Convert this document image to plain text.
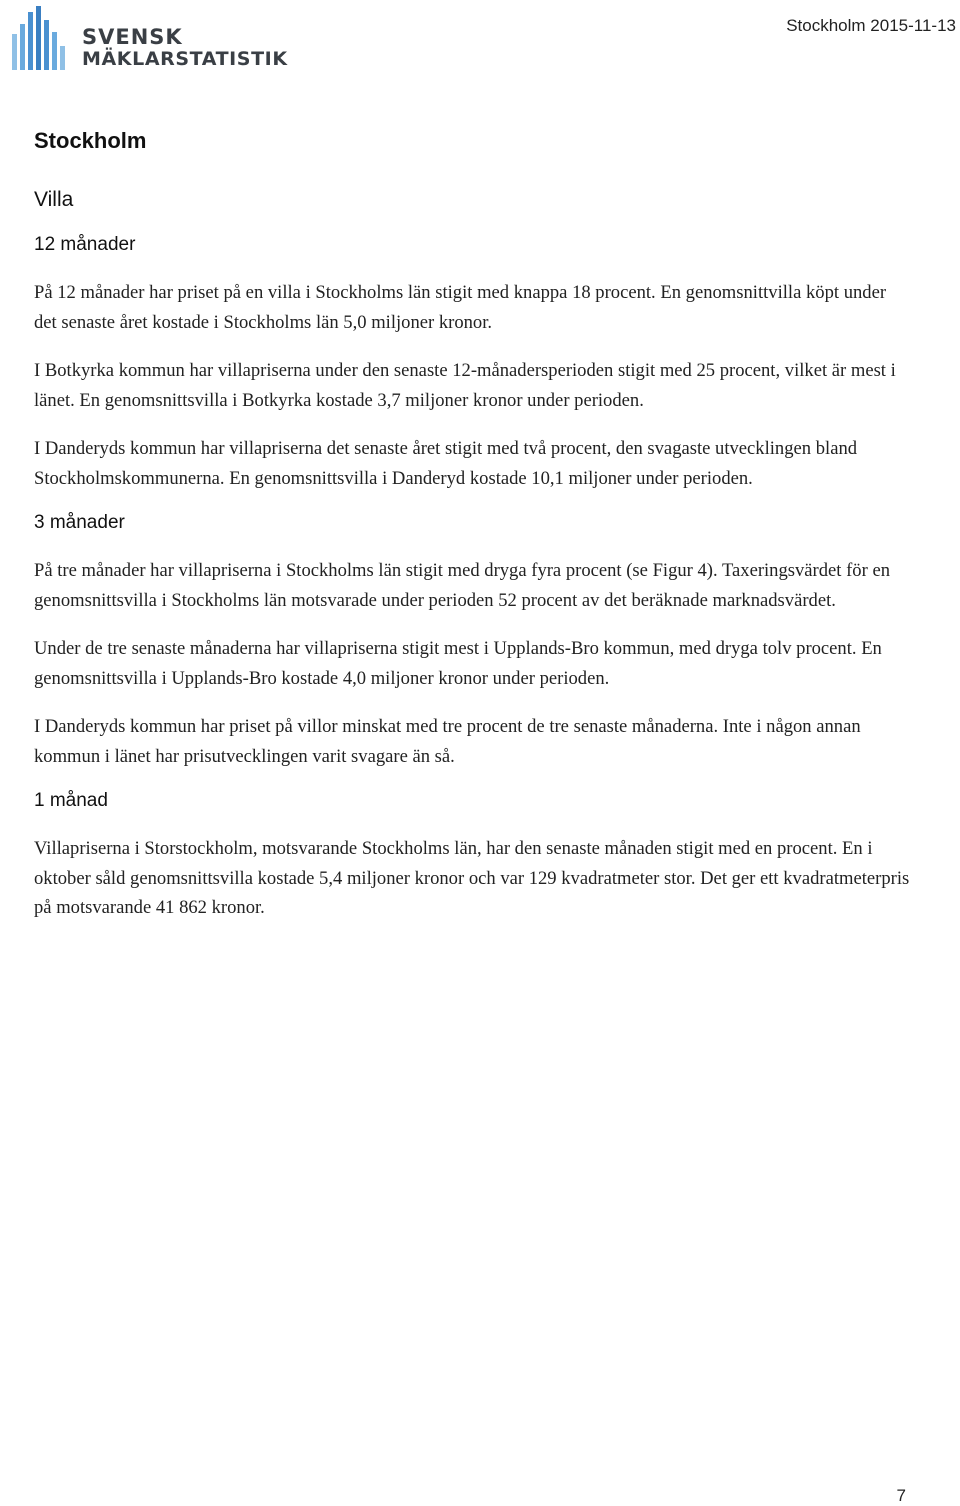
SVENSK
MÄKLARSTATISTIK
Stockholm 2015-11-13
Stockholm
Villa
12 månader

På 12 månader har priset på en villa i Stockholms län stigit med knappa 18 procent. En genomsnittvilla köpt under det senaste året kostade i Stockholms län 5,0 miljoner kronor.

I Botkyrka kommun har villapriserna under den senaste 12-månadersperioden stigit med 25 procent, vilket är mest i länet. En genomsnittsvilla i Botkyrka kostade 3,7 miljoner kronor under perioden.

I Danderyds kommun har villapriserna det senaste året stigit med två procent, den svagaste utvecklingen bland Stockholmskommunerna. En genomsnittsvilla i Danderyd kostade 10,1 miljoner under perioden.

3 månader

På tre månader har villapriserna i Stockholms län stigit med dryga fyra procent (se Figur 4). Taxeringsvärdet för en genomsnittsvilla i Stockholms län motsvarade under perioden 52 procent av det beräknade marknadsvärdet.

Under de tre senaste månaderna har villapriserna stigit mest i Upplands-Bro kommun, med dryga tolv procent. En genomsnittsvilla i Upplands-Bro kostade 4,0 miljoner kronor under perioden.

I Danderyds kommun har priset på villor minskat med tre procent de tre senaste månaderna. Inte i någon annan kommun i länet har prisutvecklingen varit svagare än så.

1 månad

Villapriserna i Storstockholm, motsvarande Stockholms län, har den senaste månaden stigit med en procent. En i oktober såld genomsnittsvilla kostade 5,4 miljoner kronor och var 129 kvadratmeter stor. Det ger ett kvadratmeterpris på motsvarande 41 862 kronor.

7
